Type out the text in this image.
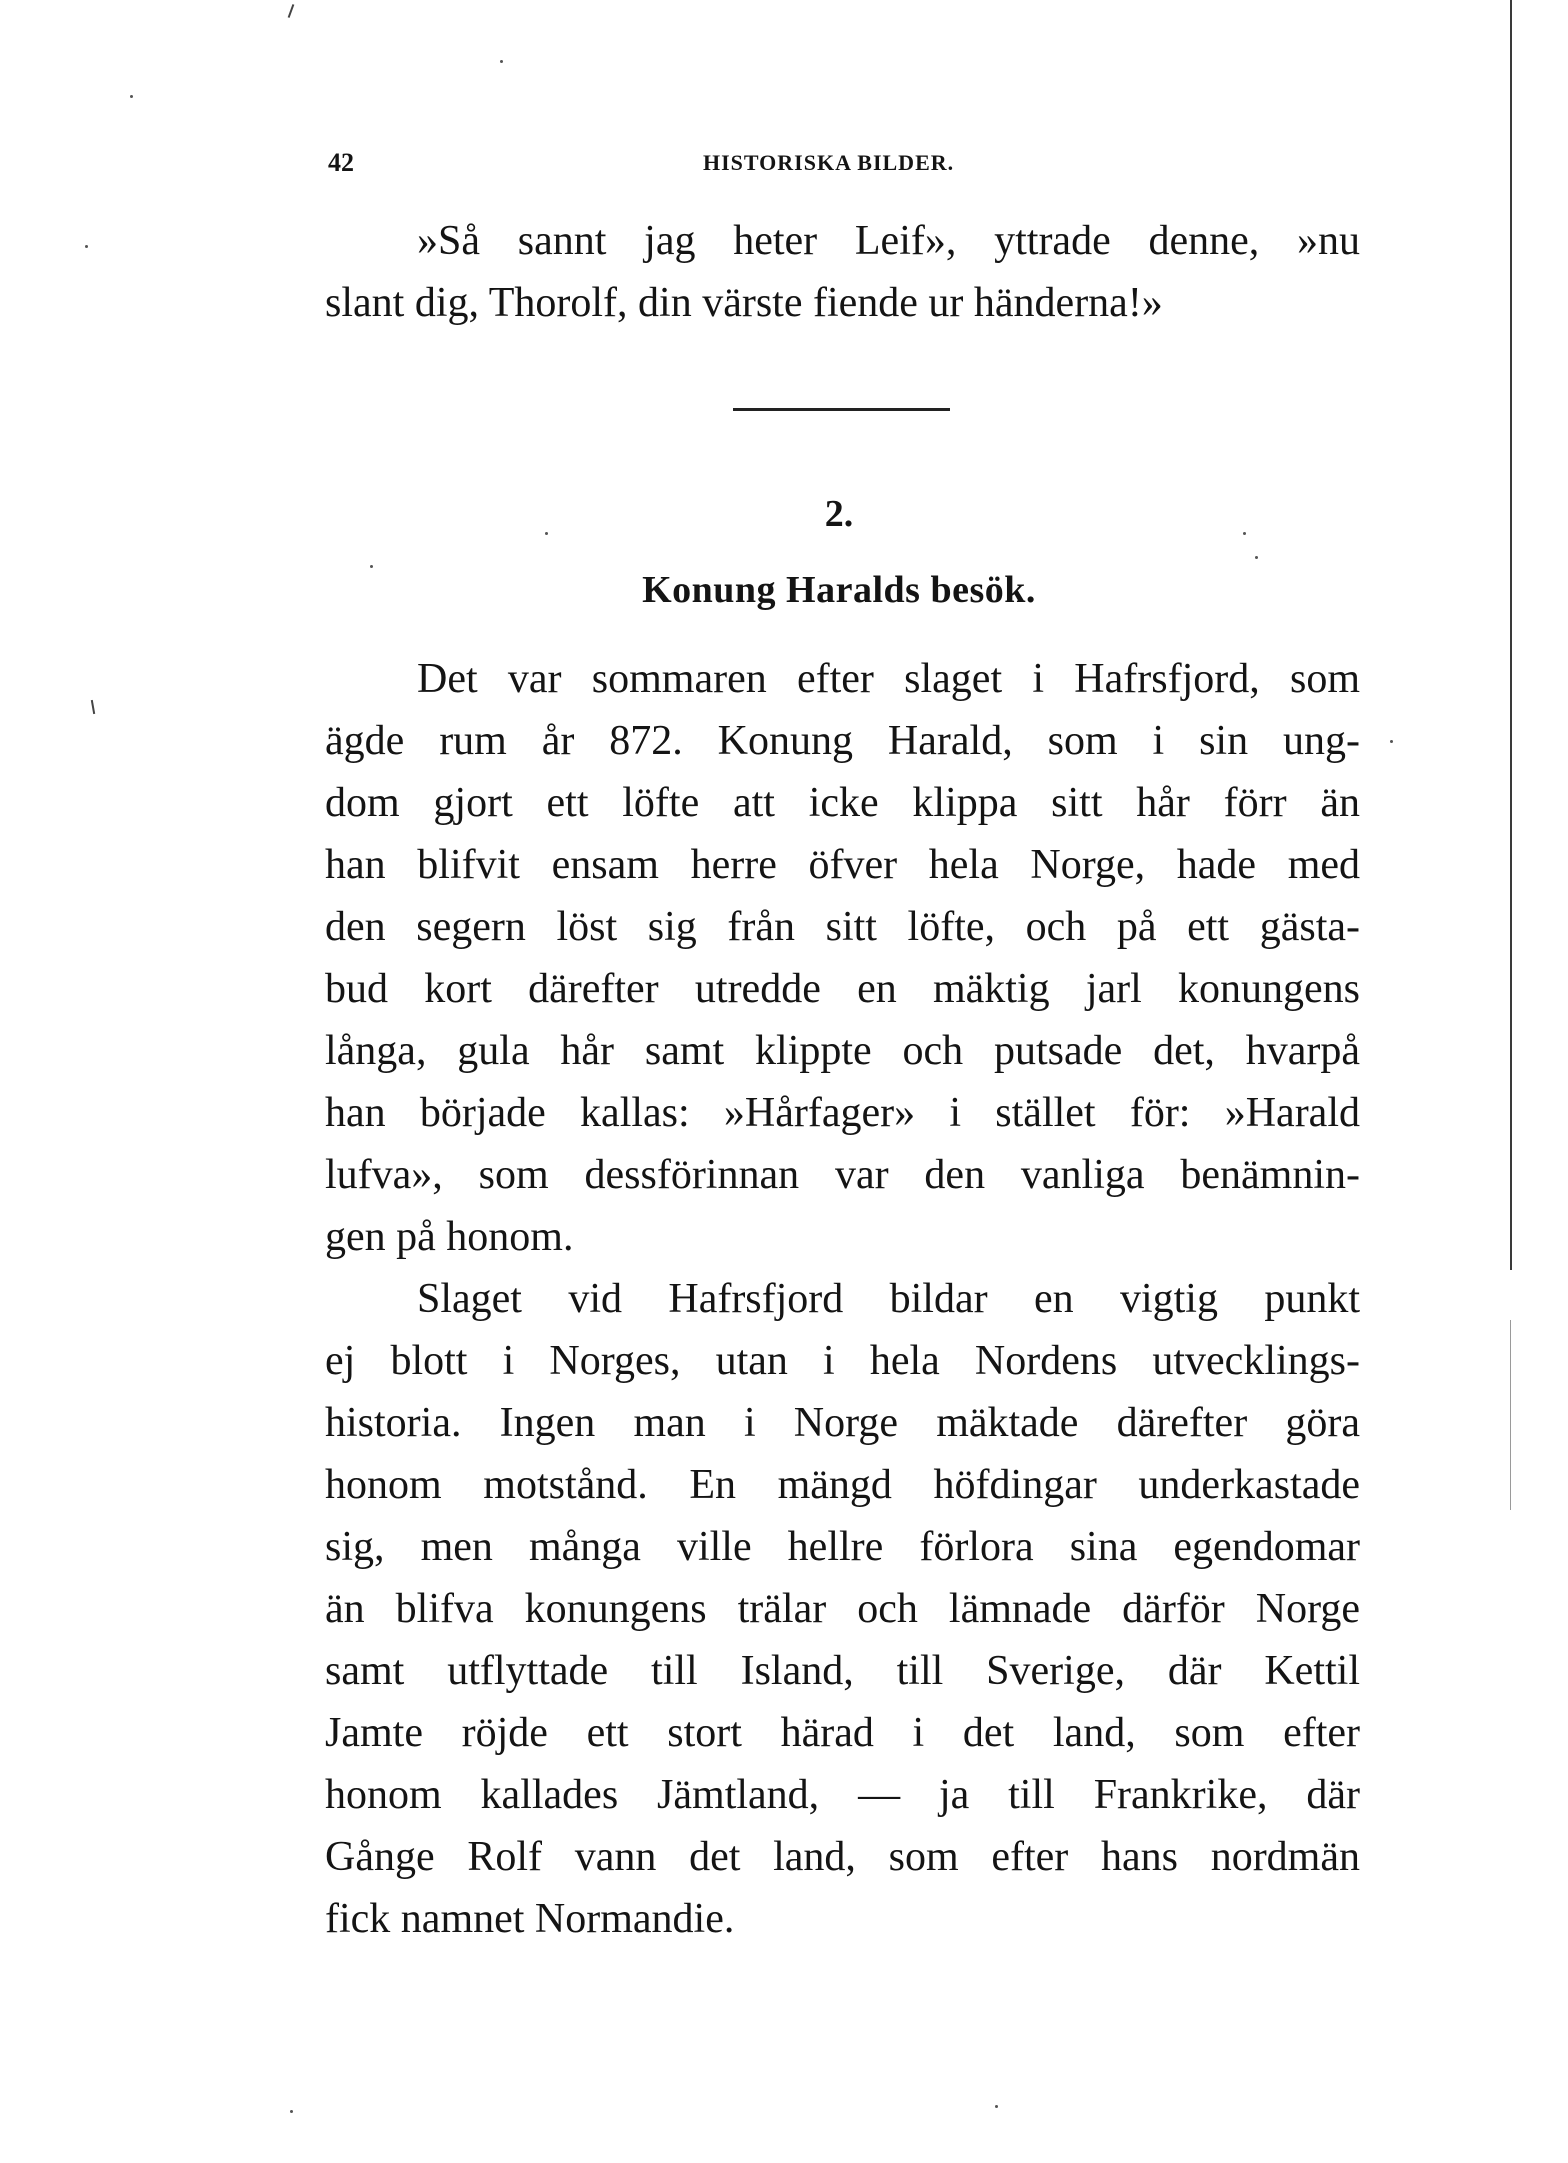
42	HISTORISKA BILDER.
»Så sannt jag heter Leif», yttrade denne, »nu
slant dig, Thorolf, din värste fiende ur händerna!»
2.
Konung Haralds besök.
Det var sommaren efter slaget i Hafrsfjord, som
ägde rum år 872. Konung Harald, som i sin ung-
dom gjort ett löfte att icke klippa sitt hår förr än
han blifvit ensam herre öfver hela Norge, hade med
den segern löst sig från sitt löfte, och på ett gästa-
bud kort därefter utredde en mäktig jarl konungens
långa, gula hår samt klippte och putsade det, hvarpå
han började kallas: »Hårfager» i stället för: »Harald
lufva», som dessförinnan var den vanliga benämnin-
gen på honom.
Slaget vid Hafrsfjord bildar en vigtig punkt
ej blott i Norges, utan i hela Nordens utvecklings-
historia. Ingen man i Norge mäktade därefter göra
honom motstånd. En mängd höfdingar underkastade
sig, men många ville hellre förlora sina egendomar
än blifva konungens trälar och lämnade därför Norge
samt utflyttade till Island, till Sverige, där Kettil
Jamte röjde ett stort härad i det land, som efter
honom kallades Jämtland, — ja till Frankrike, där
Gånge Rolf vann det land, som efter hans nordmän
fick namnet Normandie.
